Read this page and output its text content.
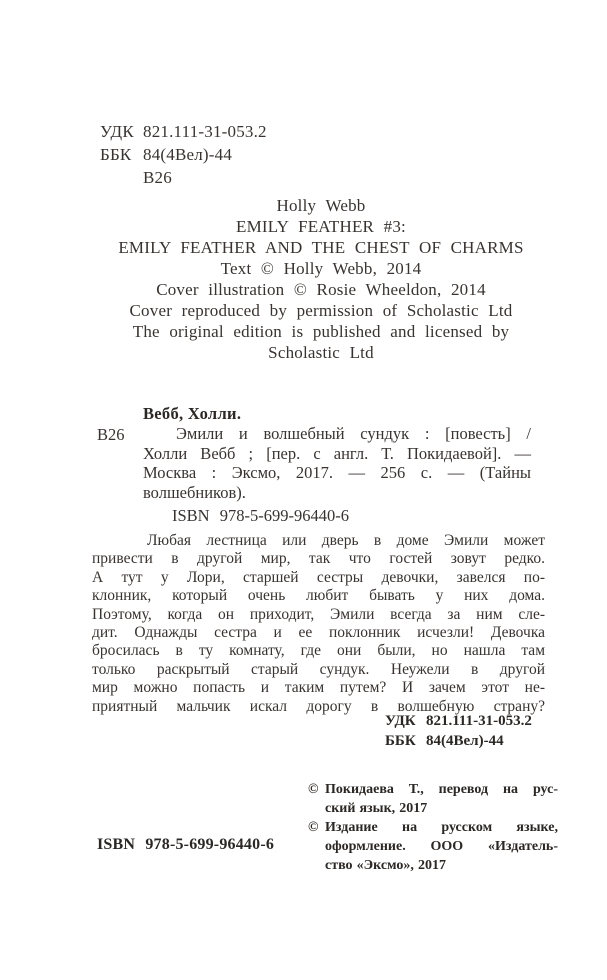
УДК 821.111-31-053.2
ББК 84(4Вел)-44
В26
Holly Webb
EMILY FEATHER #3:
EMILY FEATHER AND THE CHEST OF CHARMS
Text © Holly Webb, 2014
Cover illustration © Rosie Wheeldon, 2014
Cover reproduced by permission of Scholastic Ltd
The original edition is published and licensed by
Scholastic Ltd
Вебб, Холли.
В26	Эмили и волшебный сундук : [повесть] /
Холли Вебб ; [пер. с англ. Т. Покидаевой]. —
Москва : Эксмо, 2017. — 256 с. — (Тайны
волшебников).
ISBN 978-5-699-96440-6
Любая лестница или дверь в доме Эмили может
привести в другой мир, так что гостей зовут редко.
А тут у Лори, старшей сестры девочки, завелся по-
клонник, который очень любит бывать у них дома.
Поэтому, когда он приходит, Эмили всегда за ним сле-
дит. Однажды сестра и ее поклонник исчезли! Девочка
бросилась в ту комнату, где они были, но нашла там
только раскрытый старый сундук. Неужели в другой
мир можно попасть и таким путем? И зачем этот не-
приятный мальчик искал дорогу в волшебную страну?
УДК 821.111-31-053.2
ББК 84(4Вел)-44
© Покидаева Т., перевод на рус-
ский язык, 2017
© Издание на русском языке,
оформление. ООО «Издатель-
ство «Эксмо», 2017
ISBN 978-5-699-96440-6
